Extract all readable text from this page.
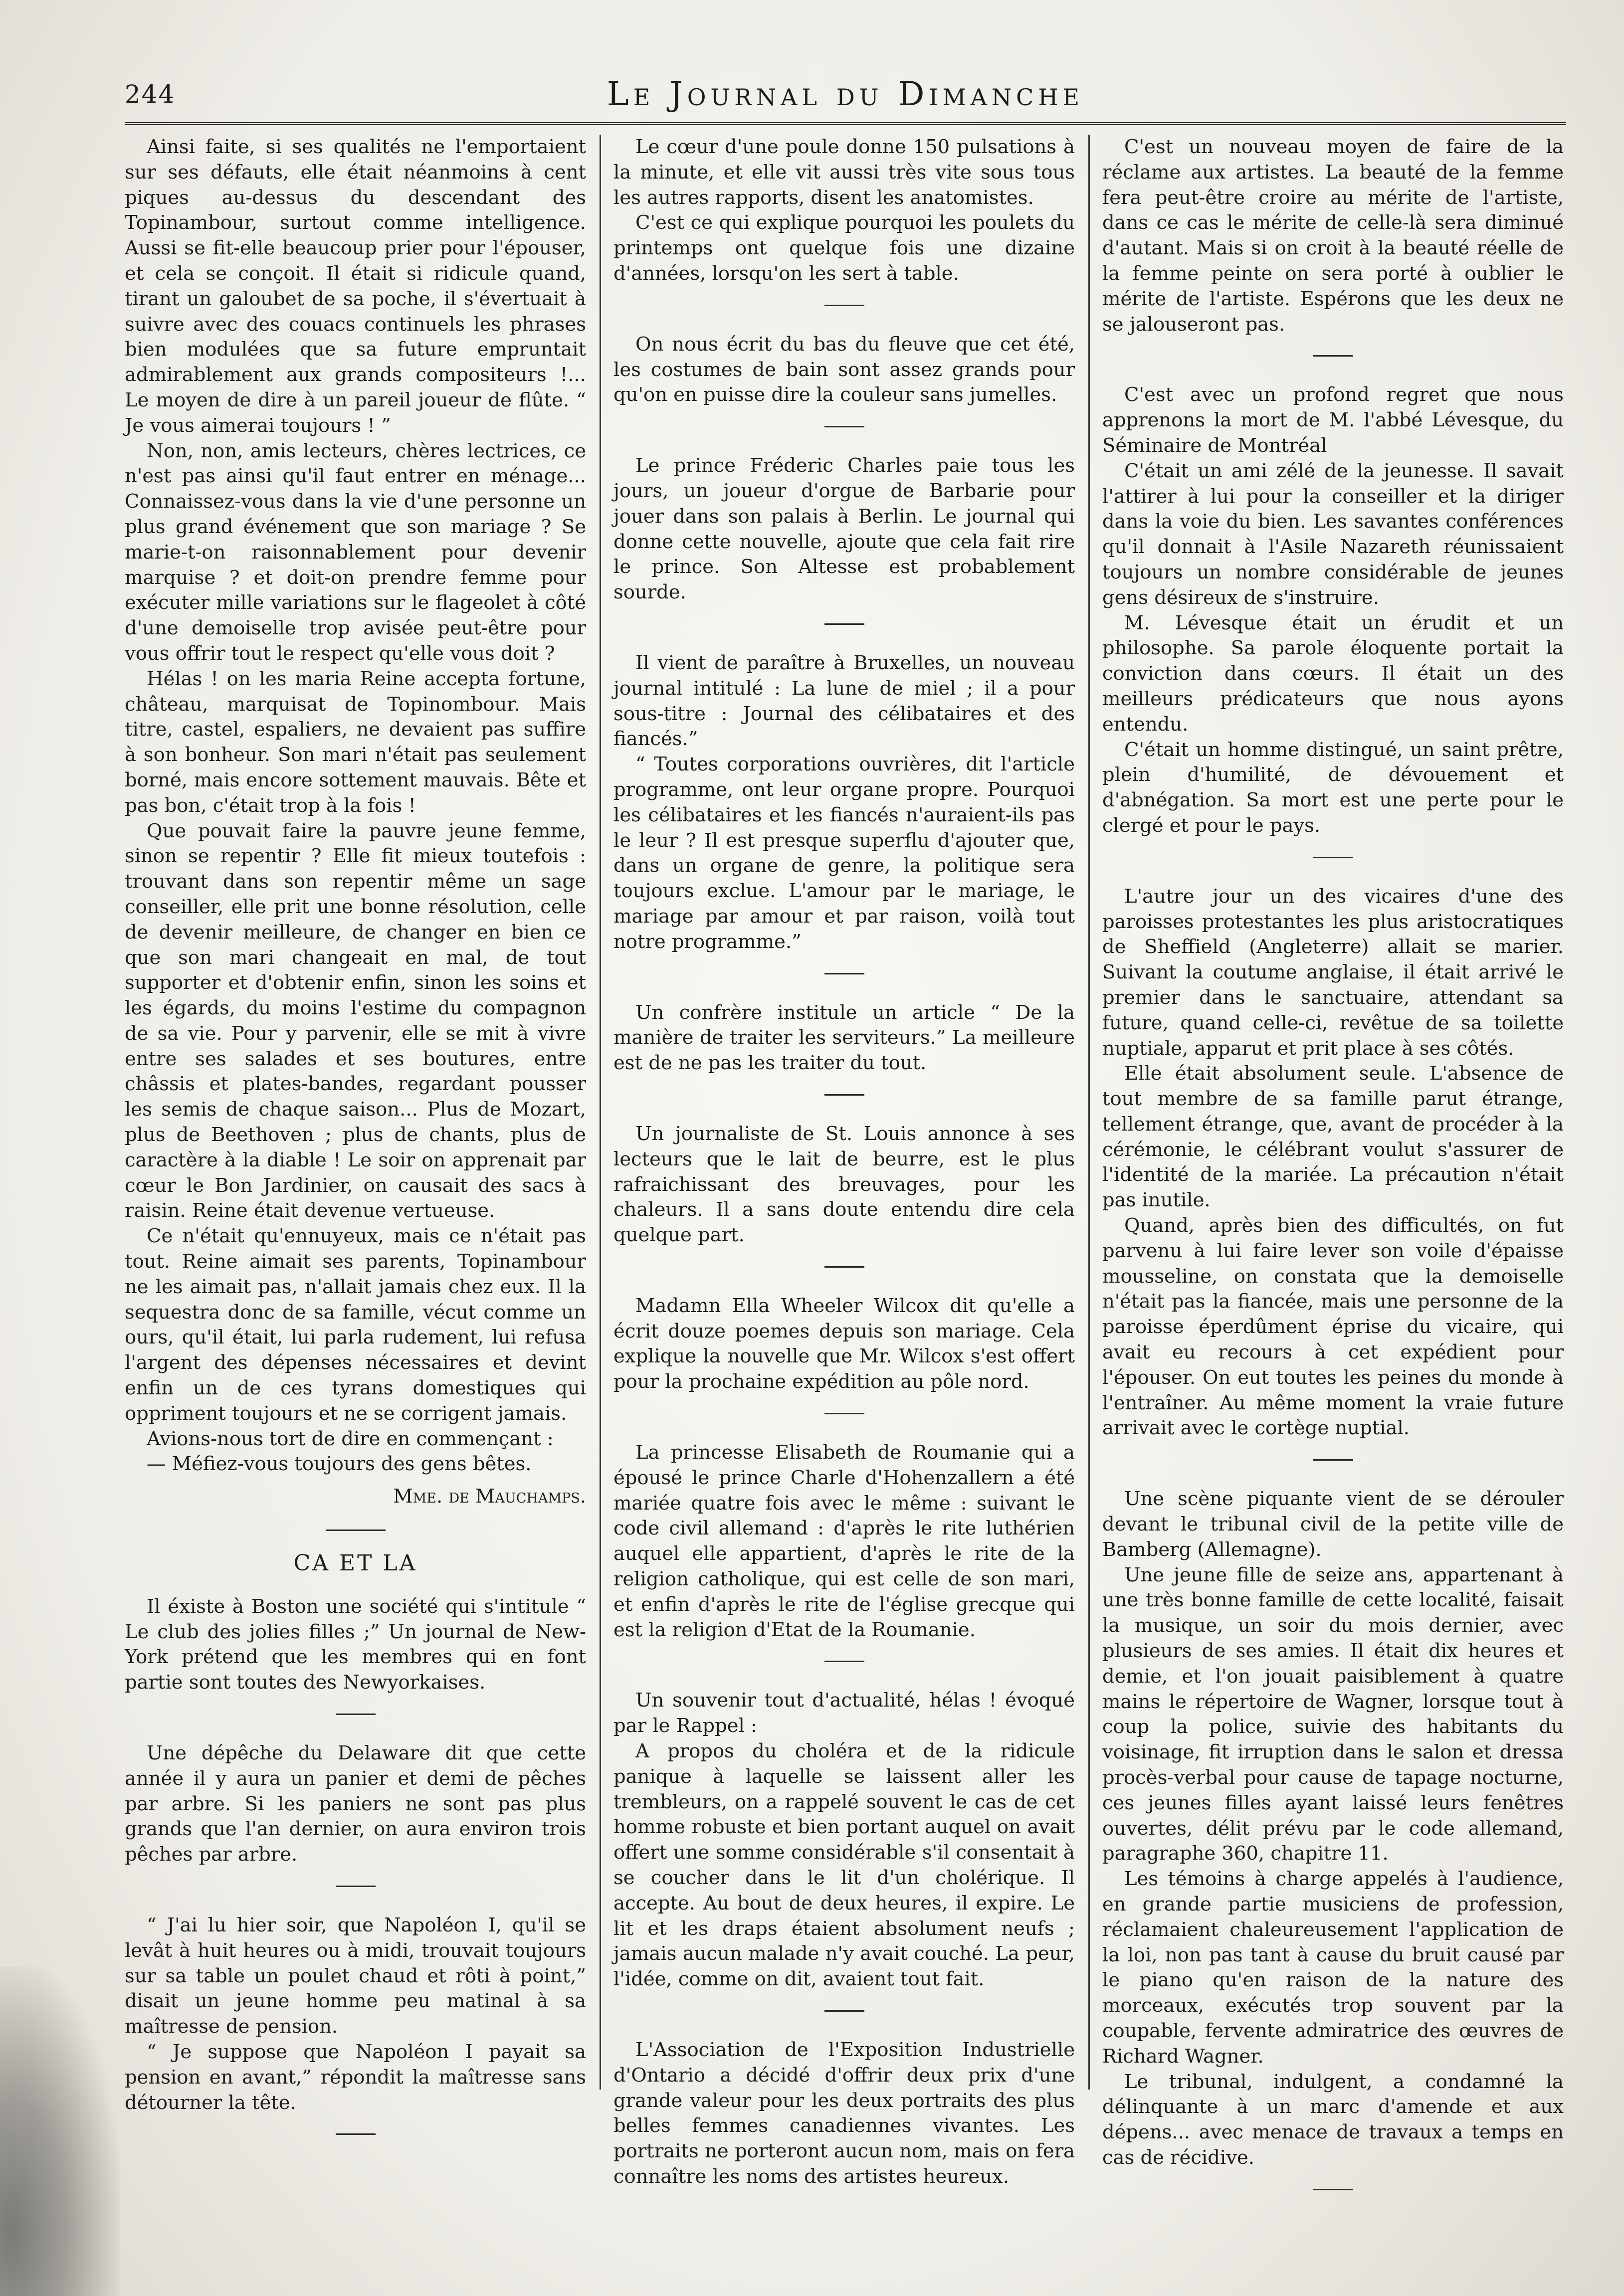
244	Le Journal du Dimanche

Ainsi faite, si ses qualités ne l'emportaient sur ses défauts, elle était néanmoins à cent piques au-dessus du descendant des Topinambour, surtout comme intelligence. Aussi se fit-elle beaucoup prier pour l'épouser, et cela se conçoit. Il était si ridicule quand, tirant un galoubet de sa poche, il s'évertuait à suivre avec des couacs continuels les phrases bien modulées que sa future empruntait admirablement aux grands compositeurs !... Le moyen de dire à un pareil joueur de flûte. “ Je vous aimerai toujours ! ”

Non, non, amis lecteurs, chères lectrices, ce n'est pas ainsi qu'il faut entrer en ménage... Connaissez-vous dans la vie d'une personne un plus grand événement que son mariage ? Se marie-t-on raisonnablement pour devenir marquise ? et doit-on prendre femme pour exécuter mille variations sur le flageolet à côté d'une demoiselle trop avisée peut-être pour vous offrir tout le respect qu'elle vous doit ?

Hélas ! on les maria Reine accepta fortune, château, marquisat de Topinombour. Mais titre, castel, espaliers, ne devaient pas suffire à son bonheur. Son mari n'était pas seulement borné, mais encore sottement mauvais. Bête et pas bon, c'était trop à la fois !

Que pouvait faire la pauvre jeune femme, sinon se repentir ? Elle fit mieux toutefois : trouvant dans son repentir même un sage conseiller, elle prit une bonne résolution, celle de devenir meilleure, de changer en bien ce que son mari changeait en mal, de tout supporter et d'obtenir enfin, sinon les soins et les égards, du moins l'estime du compagnon de sa vie. Pour y parvenir, elle se mit à vivre entre ses salades et ses boutures, entre châssis et plates-bandes, regardant pousser les semis de chaque saison... Plus de Mozart, plus de Beethoven ; plus de chants, plus de caractère à la diable ! Le soir on apprenait par cœur le Bon Jardinier, on causait des sacs à raisin. Reine était devenue vertueuse.

Ce n'était qu'ennuyeux, mais ce n'était pas tout. Reine aimait ses parents, Topinambour ne les aimait pas, n'allait jamais chez eux. Il la sequestra donc de sa famille, vécut comme un ours, qu'il était, lui parla rudement, lui refusa l'argent des dépenses nécessaires et devint enfin un de ces tyrans domestiques qui oppriment toujours et ne se corrigent jamais.

Avions-nous tort de dire en commençant :

— Méfiez-vous toujours des gens bêtes.

Mme. de Mauchamps.

CA ET LA

Il éxiste à Boston une société qui s'intitule “ Le club des jolies filles ;” Un journal de New-York prétend que les membres qui en font partie sont toutes des Newyorkaises.

Une dépêche du Delaware dit que cette année il y aura un panier et demi de pêches par arbre. Si les paniers ne sont pas plus grands que l'an dernier, on aura environ trois pêches par arbre.

“ J'ai lu hier soir, que Napoléon I, qu'il se levât à huit heures ou à midi, trouvait toujours sur sa table un poulet chaud et rôti à point,” disait un jeune homme peu matinal à sa maîtresse de pension.

“ Je suppose que Napoléon I payait sa pension en avant,” répondit la maîtresse sans détourner la tête.

Le cœur d'une poule donne 150 pulsations à la minute, et elle vit aussi très vite sous tous les autres rapports, disent les anatomistes.

C'est ce qui explique pourquoi les poulets du printemps ont quelque fois une dizaine d'années, lorsqu'on les sert à table.

On nous écrit du bas du fleuve que cet été, les costumes de bain sont assez grands pour qu'on en puisse dire la couleur sans jumelles.

Le prince Fréderic Charles paie tous les jours, un joueur d'orgue de Barbarie pour jouer dans son palais à Berlin. Le journal qui donne cette nouvelle, ajoute que cela fait rire le prince. Son Altesse est probablement sourde.

Il vient de paraître à Bruxelles, un nouveau journal intitulé : La lune de miel ; il a pour sous-titre : Journal des célibataires et des fiancés.”

“ Toutes corporations ouvrières, dit l'article programme, ont leur organe propre. Pourquoi les célibataires et les fiancés n'auraient-ils pas le leur ? Il est presque superflu d'ajouter que, dans un organe de genre, la politique sera toujours exclue. L'amour par le mariage, le mariage par amour et par raison, voilà tout notre programme.”

Un confrère institule un article “ De la manière de traiter les serviteurs.” La meilleure est de ne pas les traiter du tout.

Un journaliste de St. Louis annonce à ses lecteurs que le lait de beurre, est le plus rafraichissant des breuvages, pour les chaleurs. Il a sans doute entendu dire cela quelque part.

Madamn Ella Wheeler Wilcox dit qu'elle a écrit douze poemes depuis son mariage. Cela explique la nouvelle que Mr. Wilcox s'est offert pour la prochaine expédition au pôle nord.

La princesse Elisabeth de Roumanie qui a épousé le prince Charle d'Hohenzallern a été mariée quatre fois avec le même : suivant le code civil allemand : d'après le rite luthérien auquel elle appartient, d'après le rite de la religion catholique, qui est celle de son mari, et enfin d'après le rite de l'église grecque qui est la religion d'Etat de la Roumanie.

Un souvenir tout d'actualité, hélas ! évoqué par le Rappel :

A propos du choléra et de la ridicule panique à laquelle se laissent aller les trembleurs, on a rappelé souvent le cas de cet homme robuste et bien portant auquel on avait offert une somme considérable s'il consentait à se coucher dans le lit d'un cholérique. Il accepte. Au bout de deux heures, il expire. Le lit et les draps étaient absolument neufs ; jamais aucun malade n'y avait couché. La peur, l'idée, comme on dit, avaient tout fait.

L'Association de l'Exposition Industrielle d'Ontario a décidé d'offrir deux prix d'une grande valeur pour les deux portraits des plus belles femmes canadiennes vivantes. Les portraits ne porteront aucun nom, mais on fera connaître les noms des artistes heureux.

C'est un nouveau moyen de faire de la réclame aux artistes. La beauté de la femme fera peut-être croire au mérite de l'artiste, dans ce cas le mérite de celle-là sera diminué d'autant. Mais si on croit à la beauté réelle de la femme peinte on sera porté à oublier le mérite de l'artiste. Espérons que les deux ne se jalouseront pas.

C'est avec un profond regret que nous apprenons la mort de M. l'abbé Lévesque, du Séminaire de Montréal

C'était un ami zélé de la jeunesse. Il savait l'attirer à lui pour la conseiller et la diriger dans la voie du bien. Les savantes conférences qu'il donnait à l'Asile Nazareth réunissaient toujours un nombre considérable de jeunes gens désireux de s'instruire.

M. Lévesque était un érudit et un philosophe. Sa parole éloquente portait la conviction dans cœurs. Il était un des meilleurs prédicateurs que nous ayons entendu.

C'était un homme distingué, un saint prêtre, plein d'humilité, de dévouement et d'abnégation. Sa mort est une perte pour le clergé et pour le pays.

L'autre jour un des vicaires d'une des paroisses protestantes les plus aristocratiques de Sheffield (Angleterre) allait se marier. Suivant la coutume anglaise, il était arrivé le premier dans le sanctuaire, attendant sa future, quand celle-ci, revêtue de sa toilette nuptiale, apparut et prit place à ses côtés.

Elle était absolument seule. L'absence de tout membre de sa famille parut étrange, tellement étrange, que, avant de procéder à la cérémonie, le célébrant voulut s'assurer de l'identité de la mariée. La précaution n'était pas inutile.

Quand, après bien des difficultés, on fut parvenu à lui faire lever son voile d'épaisse mousseline, on constata que la demoiselle n'était pas la fiancée, mais une personne de la paroisse éperdûment éprise du vicaire, qui avait eu recours à cet expédient pour l'épouser. On eut toutes les peines du monde à l'entraîner. Au même moment la vraie future arrivait avec le cortège nuptial.

Une scène piquante vient de se dérouler devant le tribunal civil de la petite ville de Bamberg (Allemagne).

Une jeune fille de seize ans, appartenant à une très bonne famille de cette localité, faisait la musique, un soir du mois dernier, avec plusieurs de ses amies. Il était dix heures et demie, et l'on jouait paisiblement à quatre mains le répertoire de Wagner, lorsque tout à coup la police, suivie des habitants du voisinage, fit irruption dans le salon et dressa procès-verbal pour cause de tapage nocturne, ces jeunes filles ayant laissé leurs fenêtres ouvertes, délit prévu par le code allemand, paragraphe 360, chapitre 11.

Les témoins à charge appelés à l'audience, en grande partie musiciens de profession, réclamaient chaleureusement l'application de la loi, non pas tant à cause du bruit causé par le piano qu'en raison de la nature des morceaux, exécutés trop souvent par la coupable, fervente admiratrice des œuvres de Richard Wagner.

Le tribunal, indulgent, a condamné la délinquante à un marc d'amende et aux dépens... avec menace de travaux a temps en cas de récidive.
